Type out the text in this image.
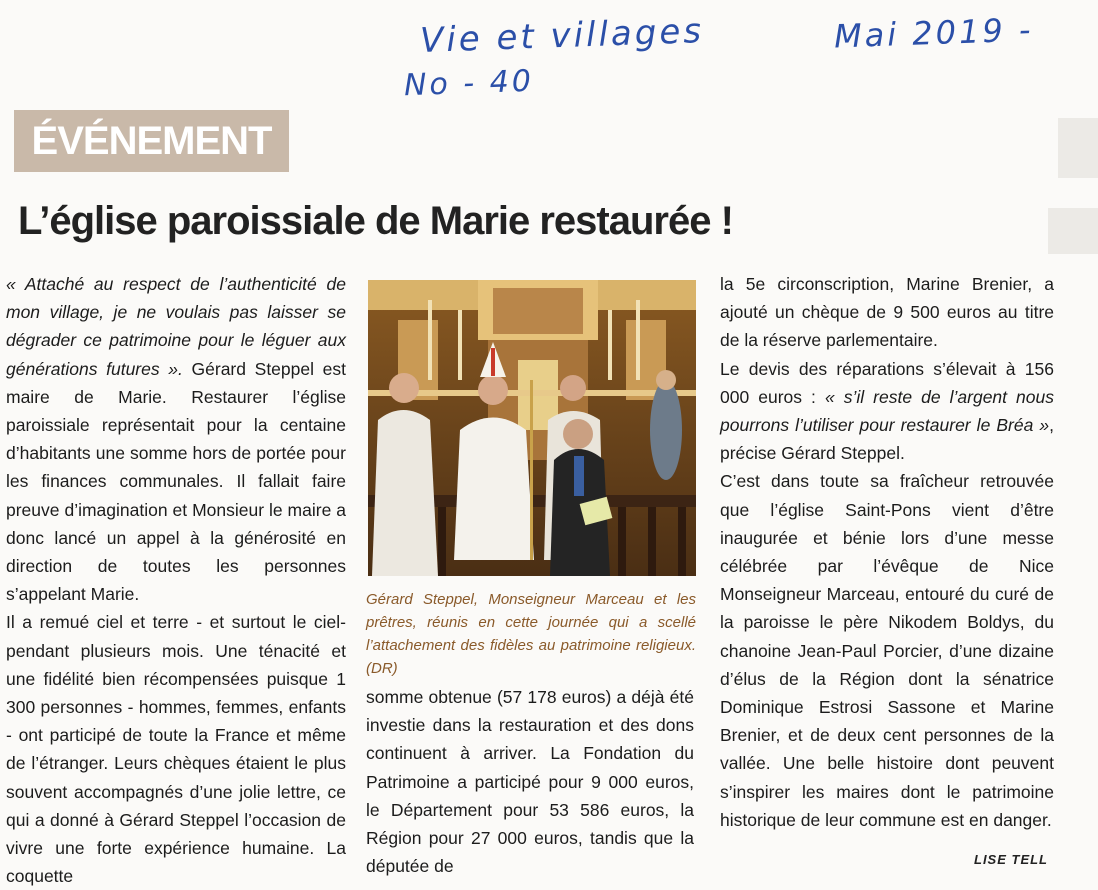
Vie et villages	Mai 2019 -
No - 40
ÉVÉNEMENT
L’église paroissiale de Marie restaurée !

« Attaché au respect de l’authenticité de mon village, je ne voulais pas laisser se dégrader ce patrimoine pour le léguer aux générations futures ». Gérard Steppel est maire de Marie. Restaurer l’église paroissiale représentait pour la centaine d’habitants une somme hors de portée pour les finances communales. Il fallait faire preuve d’imagination et Monsieur le maire a donc lancé un appel à la générosité en direction de toutes les personnes s’appelant Marie.

Il a remué ciel et terre - et surtout le ciel- pendant plusieurs mois. Une ténacité et une fidélité bien récompensées puisque 1 300 personnes - hommes, femmes, enfants - ont participé de toute la France et même de l’étranger. Leurs chèques étaient le plus souvent accompagnés d’une jolie lettre, ce qui a donné à Gérard Steppel l’occasion de vivre une forte expérience humaine. La coquette

Gérard Steppel, Monseigneur Marceau et les prêtres, réunis en cette journée qui a scellé l’attachement des fidèles au patrimoine religieux. (DR)

somme obtenue (57 178 euros) a déjà été investie dans la restauration et des dons continuent à arriver. La Fondation du Patrimoine a participé pour 9 000 euros, le Département pour 53 586 euros, la Région pour 27 000 euros, tandis que la députée de

la 5e circonscription, Marine Brenier, a ajouté un chèque de 9 500 euros au titre de la réserve parlementaire.

Le devis des réparations s’élevait à 156 000 euros : « s’il reste de l’argent nous pourrons l’utiliser pour restaurer le Bréa », précise Gérard Steppel.

C’est dans toute sa fraîcheur retrouvée que l’église Saint-Pons vient d’être inaugurée et bénie lors d’une messe célébrée par l’évêque de Nice Monseigneur Marceau, entouré du curé de la paroisse le père Nikodem Boldys, du chanoine Jean-Paul Porcier, d’une dizaine d’élus de la Région dont la sénatrice Dominique Estrosi Sassone et Marine Brenier, et de deux cent personnes de la vallée. Une belle histoire dont peuvent s’inspirer les maires dont le patrimoine historique de leur commune est en danger.

LISE TELL
